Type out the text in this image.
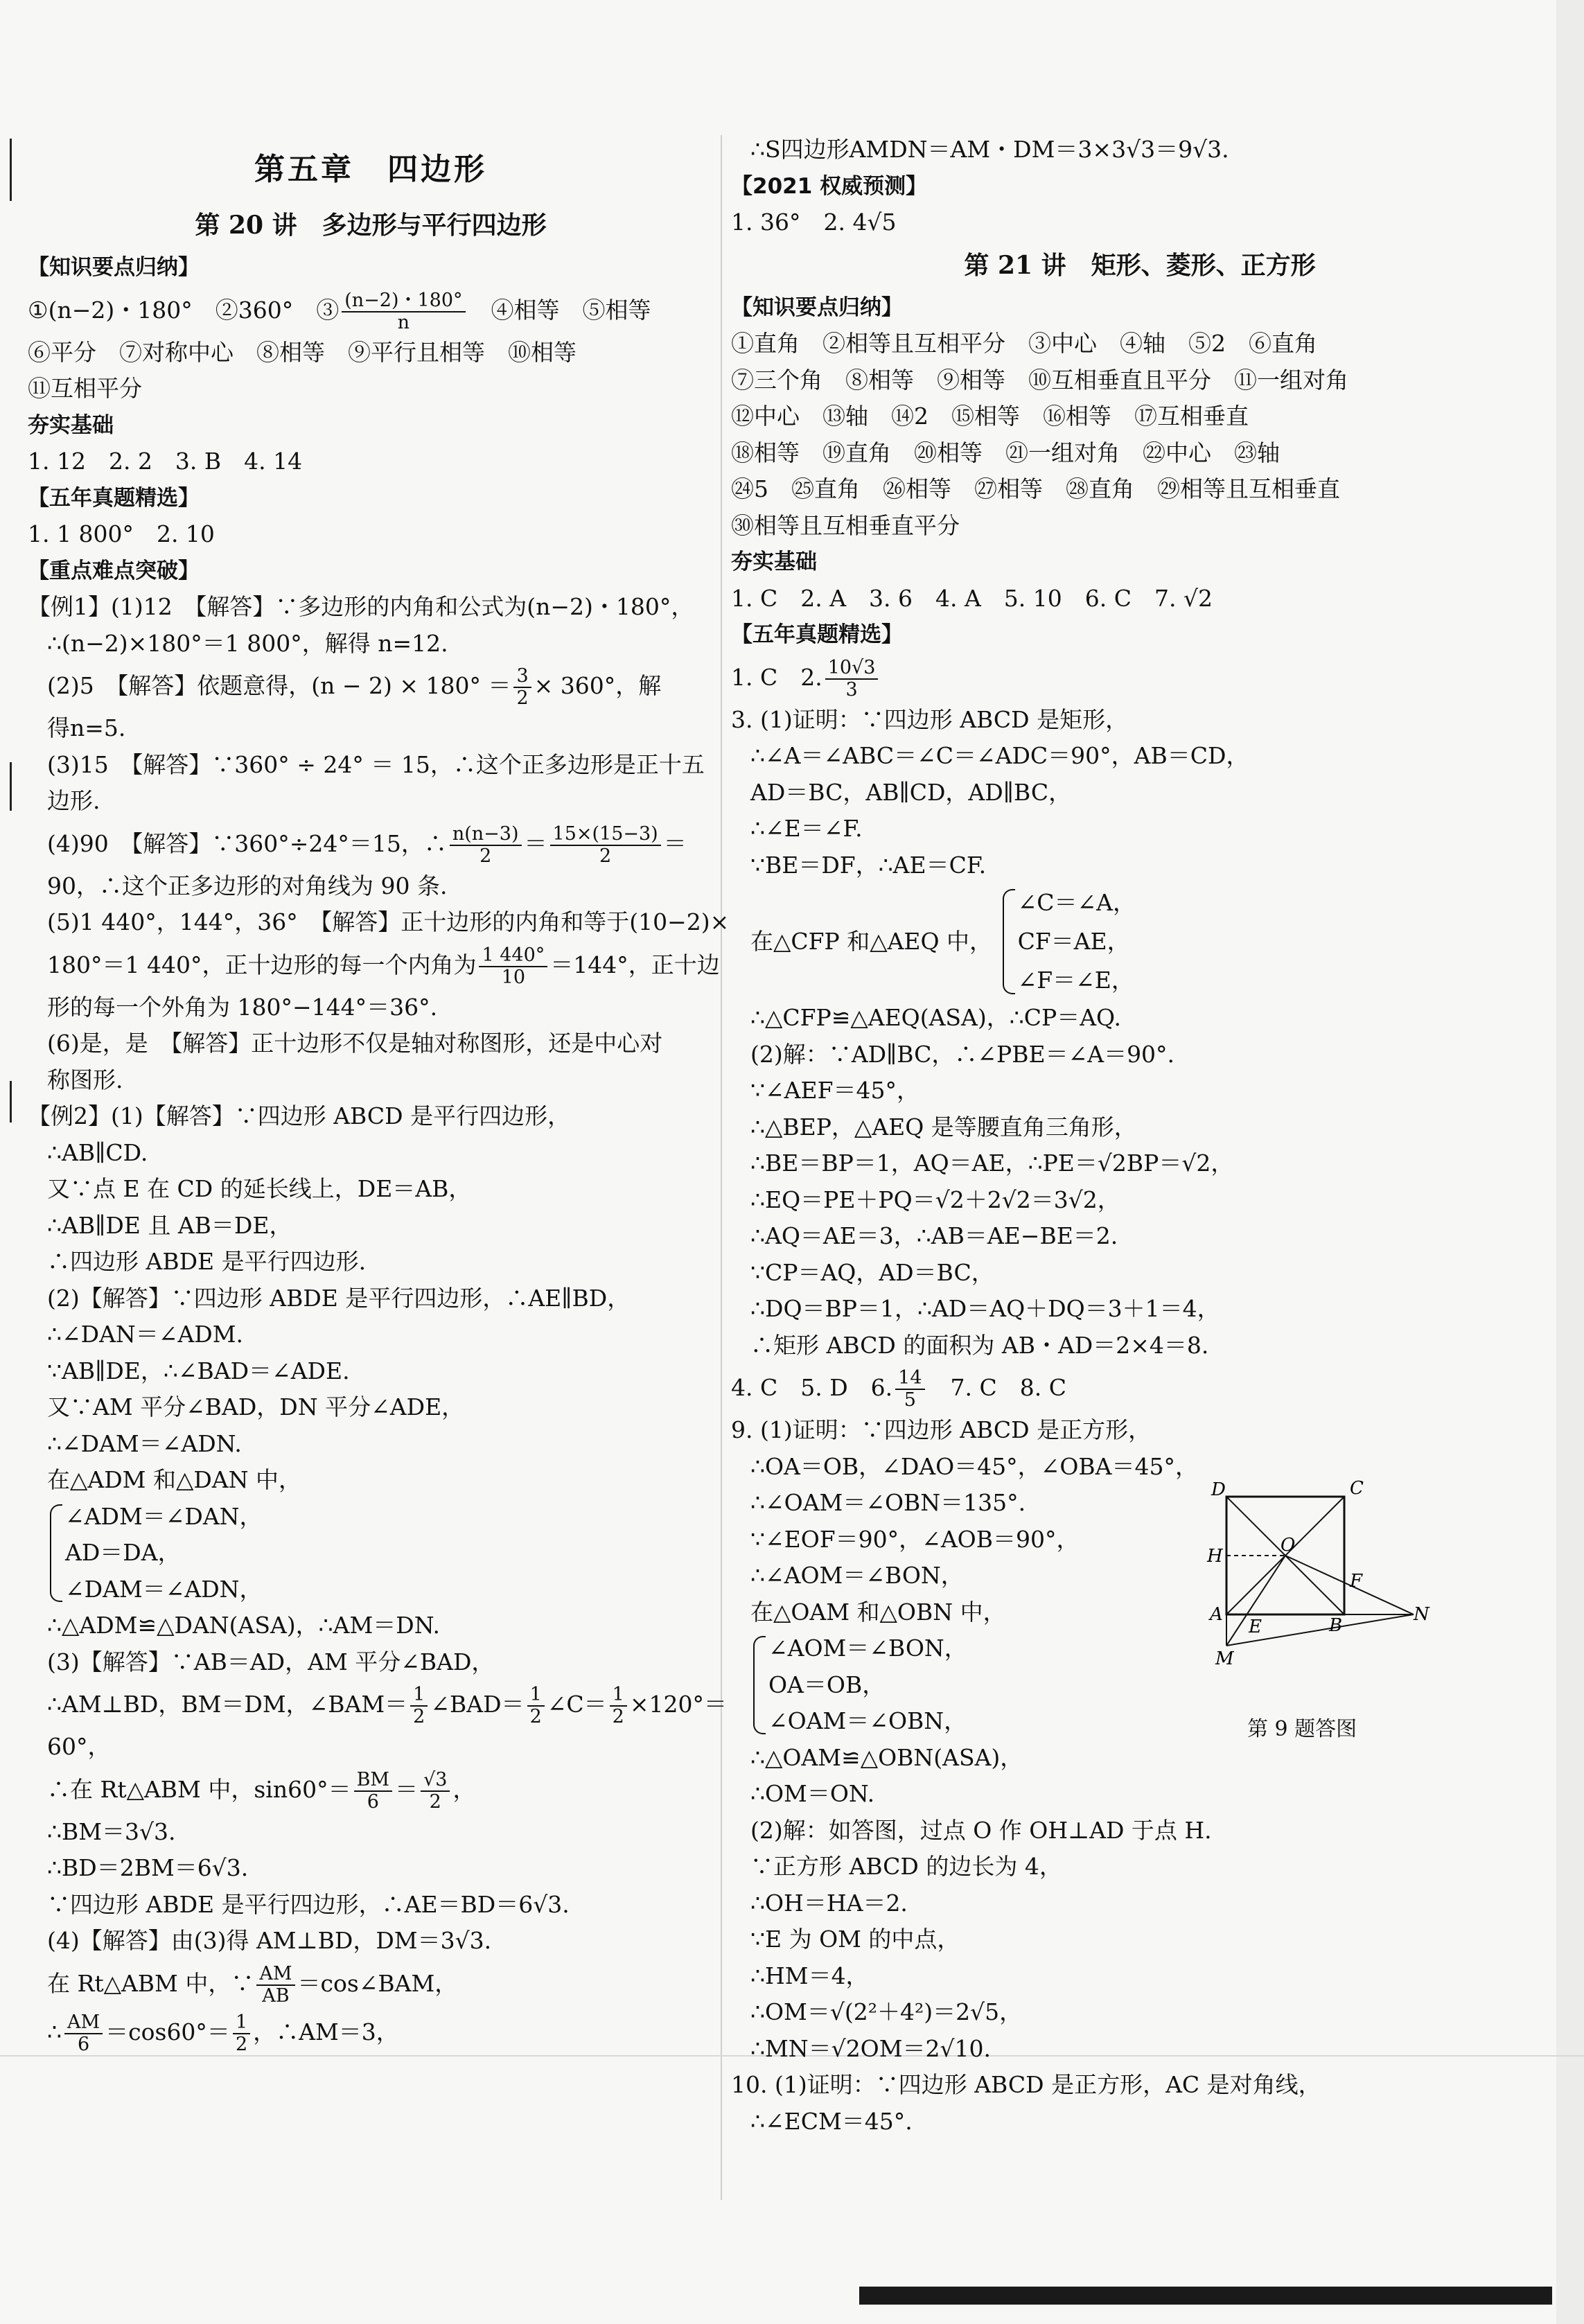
第五章　四边形
第 20 讲　多边形与平行四边形
【知识要点归纳】
①(n−2)・180°　②360°　③ $\frac{(n-2)・180^\circ}{n}$ 　④相等　⑤相等
⑥平分　⑦对称中心　⑧相等　⑨平行且相等　⑩相等
⑪互相平分
夯实基础
1. 12　2. 2　3. B　4. 14
【五年真题精选】
1. 1 800°　2. 10
【重点难点突破】
【例1】(1)12　【解答】∵多边形的内角和公式为(n−2)・180°，
∴(n−2)×180°＝1 800°，解得 n=12.
(2)5　【解答】依题意得，$(n - 2) \times 180^\circ = \frac{3}{2} \times 360^\circ$，解
得n=5.
(3)15　【解答】∵360° ÷ 24° ＝ 15，∴这个正多边形是正十五
边形.
(4)90　【解答】∵360°÷24°＝15，∴ $\frac{n(n-3)}{2} = \frac{15\times(15-3)}{2}$ ＝
90，∴这个正多边形的对角线为 90 条.
(5)1 440°，144°，36°　【解答】正十边形的内角和等于(10−2)×
180°＝1 440°，正十边形的每一个内角为 $\frac{1 440^\circ}{10} =144^\circ$，正十边
形的每一个外角为 180°−144°＝36°.
(6)是，是　【解答】正十边形不仅是轴对称图形，还是中心对
称图形.
【例2】(1)【解答】∵四边形 ABCD 是平行四边形，
∴AB∥CD.
又∵点 E 在 CD 的延长线上，DE＝AB，
∴AB∥DE 且 AB＝DE，
∴四边形 ABDE 是平行四边形.
(2)【解答】∵四边形 ABDE 是平行四边形，∴AE∥BD，
∴∠DAN＝∠ADM.
∵AB∥DE，∴∠BAD＝∠ADE.
又∵AM 平分∠BAD，DN 平分∠ADE，
∴∠DAM＝∠ADN.
在△ADM 和△DAN 中，
∠ADM＝∠DAN，
AD＝DA，
∠DAM＝∠ADN，
∴△ADM≌△DAN(ASA)，∴AM＝DN.
(3)【解答】∵AB＝AD，AM 平分∠BAD，
∴AM⊥BD，BM＝DM，∠BAM＝ $\frac{1}{2}$ ∠BAD＝ $\frac{1}{2}$ ∠C＝ $\frac{1}{2} \times 120^\circ=$
60°，
∴在 Rt△ABM 中，$\sin 60^\circ= \frac{BM}{6} = \frac{√3}{2}$ ，
∴BM＝3√3.
∴BD＝2BM＝6√3.
∵四边形 ABDE 是平行四边形，∴AE＝BD＝6√3.
(4)【解答】由(3)得 AM⊥BD，DM＝3√3.
在 Rt△ABM 中，∵ $\frac{AM}{AB}$ ＝cos∠BAM，
∴ $\frac{AM}{6} =\cos 60^\circ= \frac{1}{2}$ ，∴AM＝3，
∴S四边形AMDN＝AM・DM＝3×3√3＝9√3.
【2021 权威预测】
1. 36°　2. 4√5
第 21 讲　矩形、菱形、正方形
【知识要点归纳】
①直角　②相等且互相平分　③中心　④轴　⑤2　⑥直角
⑦三个角　⑧相等　⑨相等　⑩互相垂直且平分　⑪一组对角
⑫中心　⑬轴　⑭2　⑮相等　⑯相等　⑰互相垂直
⑱相等　⑲直角　⑳相等　㉑一组对角　㉒中心　㉓轴
㉔5　㉕直角　㉖相等　㉗相等　㉘直角　㉙相等且互相垂直
㉚相等且互相垂直平分
夯实基础
1. C　2. A　3. 6　4. A　5. 10　6. C　7. √2
【五年真题精选】
1. C　2. $\frac{10√3}{3}$
3. (1)证明：∵四边形 ABCD 是矩形，
∴∠A＝∠ABC＝∠C＝∠ADC＝90°，AB＝CD，
AD＝BC，AB∥CD，AD∥BC，
∴∠E＝∠F.
∵BE＝DF，∴AE＝CF.
在△CFP 和△AEQ 中，
∠C＝∠A，
CF＝AE，
∠F＝∠E，
∴△CFP≌△AEQ(ASA)，∴CP＝AQ.
(2)解：∵AD∥BC，∴∠PBE＝∠A＝90°.
∵∠AEF＝45°，
∴△BEP，△AEQ 是等腰直角三角形，
∴BE＝BP＝1，AQ＝AE，∴PE＝√2BP＝√2，
∴EQ＝PE＋PQ＝√2＋2√2＝3√2，
∴AQ＝AE＝3，∴AB＝AE−BE＝2.
∵CP＝AQ，AD＝BC，
∴DQ＝BP＝1，∴AD＝AQ＋DQ＝3＋1＝4，
∴矩形 ABCD 的面积为 AB・AD＝2×4＝8.
4. C　5. D　6. $\frac{14}{5}$ 　7. C　8. C
9. (1)证明：∵四边形 ABCD 是正方形，
∴OA＝OB，∠DAO＝45°，∠OBA＝45°，
∴∠OAM＝∠OBN＝135°.
∵∠EOF＝90°，∠AOB＝90°，
∴∠AOM＝∠BON，
在△OAM 和△OBN 中，
∠AOM＝∠BON，
OA＝OB，
∠OAM＝∠OBN，
∴△OAM≌△OBN(ASA)，
∴OM＝ON.
(2)解：如答图，过点 O 作 OH⊥AD 于点 H.
∵正方形 ABCD 的边长为 4，
∴OH＝HA＝2.
∵E 为 OM 的中点，
∴HM＝4，
∴OM＝√(2²＋4²)＝2√5，
∴MN＝√2OM＝2√10.
10. (1)证明：∵四边形 ABCD 是正方形，AC 是对角线，
∴∠ECM＝45°.
D	C
O
H
F
A
E	B
N
M
第 9 题答图
